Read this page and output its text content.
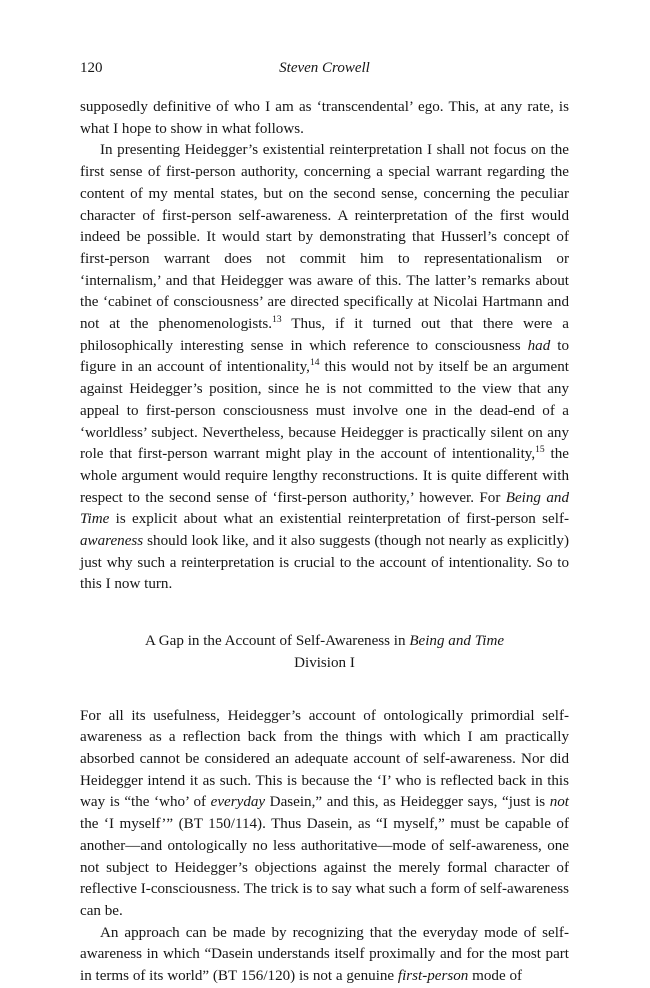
120	Steven Crowell

supposedly definitive of who I am as ‘transcendental’ ego. This, at any rate, is what I hope to show in what follows.

In presenting Heidegger’s existential reinterpretation I shall not focus on the first sense of first-person authority, concerning a special warrant regarding the content of my mental states, but on the second sense, concerning the peculiar character of first-person self-awareness. A reinterpretation of the first would indeed be possible. It would start by demonstrating that Husserl’s concept of first-person warrant does not commit him to representationalism or ‘internalism,’ and that Heidegger was aware of this. The latter’s remarks about the ‘cabinet of consciousness’ are directed specifically at Nicolai Hartmann and not at the phenomenologists.$^{13}$ Thus, if it turned out that there were a philosophically interesting sense in which reference to consciousness had to figure in an account of intentionality,$^{14}$ this would not by itself be an argument against Heidegger’s position, since he is not committed to the view that any appeal to first-person consciousness must involve one in the dead-end of a ‘worldless’ subject. Nevertheless, because Heidegger is practically silent on any role that first-person warrant might play in the account of intentionality,$^{15}$ the whole argument would require lengthy reconstructions. It is quite different with respect to the second sense of ‘first-person authority,’ however. For Being and Time is explicit about what an existential reinterpretation of first-person self-awareness should look like, and it also suggests (though not nearly as explicitly) just why such a reinterpretation is crucial to the account of intentionality. So to this I now turn.

A Gap in the Account of Self-Awareness in Being and Time
Division I

For all its usefulness, Heidegger’s account of ontologically primordial self-awareness as a reflection back from the things with which I am practically absorbed cannot be considered an adequate account of self-awareness. Nor did Heidegger intend it as such. This is because the ‘I’ who is reflected back in this way is “the ‘who’ of everyday Dasein,” and this, as Heidegger says, “just is not the ‘I myself’” (BT 150/114). Thus Dasein, as “I myself,” must be capable of another—and ontologically no less authoritative—mode of self-awareness, one not subject to Heidegger’s objections against the merely formal character of reflective I-consciousness. The trick is to say what such a form of self-awareness can be.

An approach can be made by recognizing that the everyday mode of self-awareness in which “Dasein understands itself proximally and for the most part in terms of its world” (BT 156/120) is not a genuine first-person mode of
